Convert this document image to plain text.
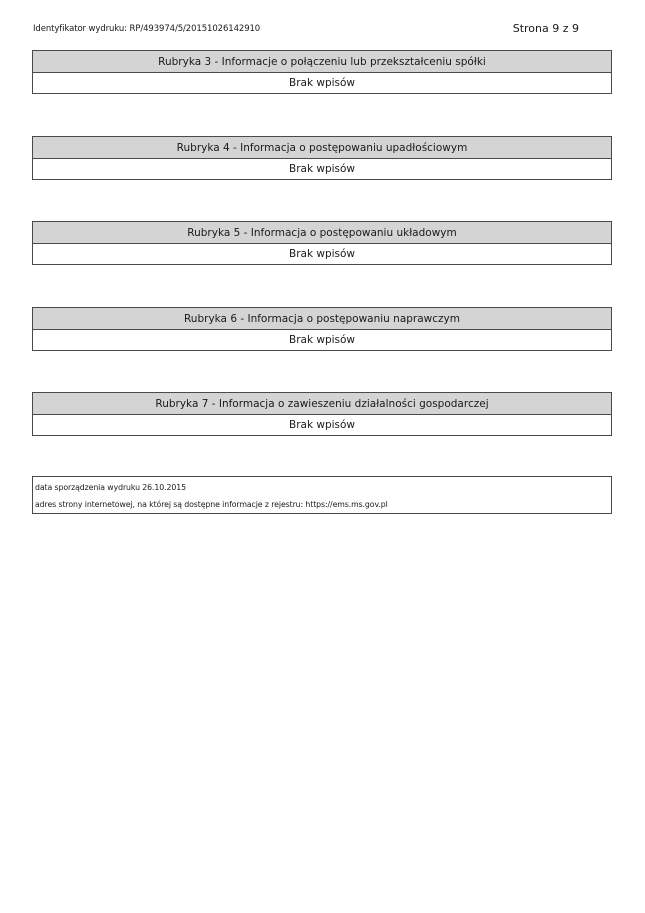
Identyfikator wydruku: RP/493974/5/20151026142910	Strona 9 z 9
Rubryka 3 - Informacje o połączeniu lub przekształceniu spółki
Brak wpisów
Rubryka 4 - Informacja o postępowaniu upadłościowym
Brak wpisów
Rubryka 5 - Informacja o postępowaniu układowym
Brak wpisów
Rubryka 6 - Informacja o postępowaniu naprawczym
Brak wpisów
Rubryka 7 - Informacja o zawieszeniu działalności gospodarczej
Brak wpisów
data sporządzenia wydruku 26.10.2015
adres strony internetowej, na której są dostępne informacje z rejestru: https://ems.ms.gov.pl
